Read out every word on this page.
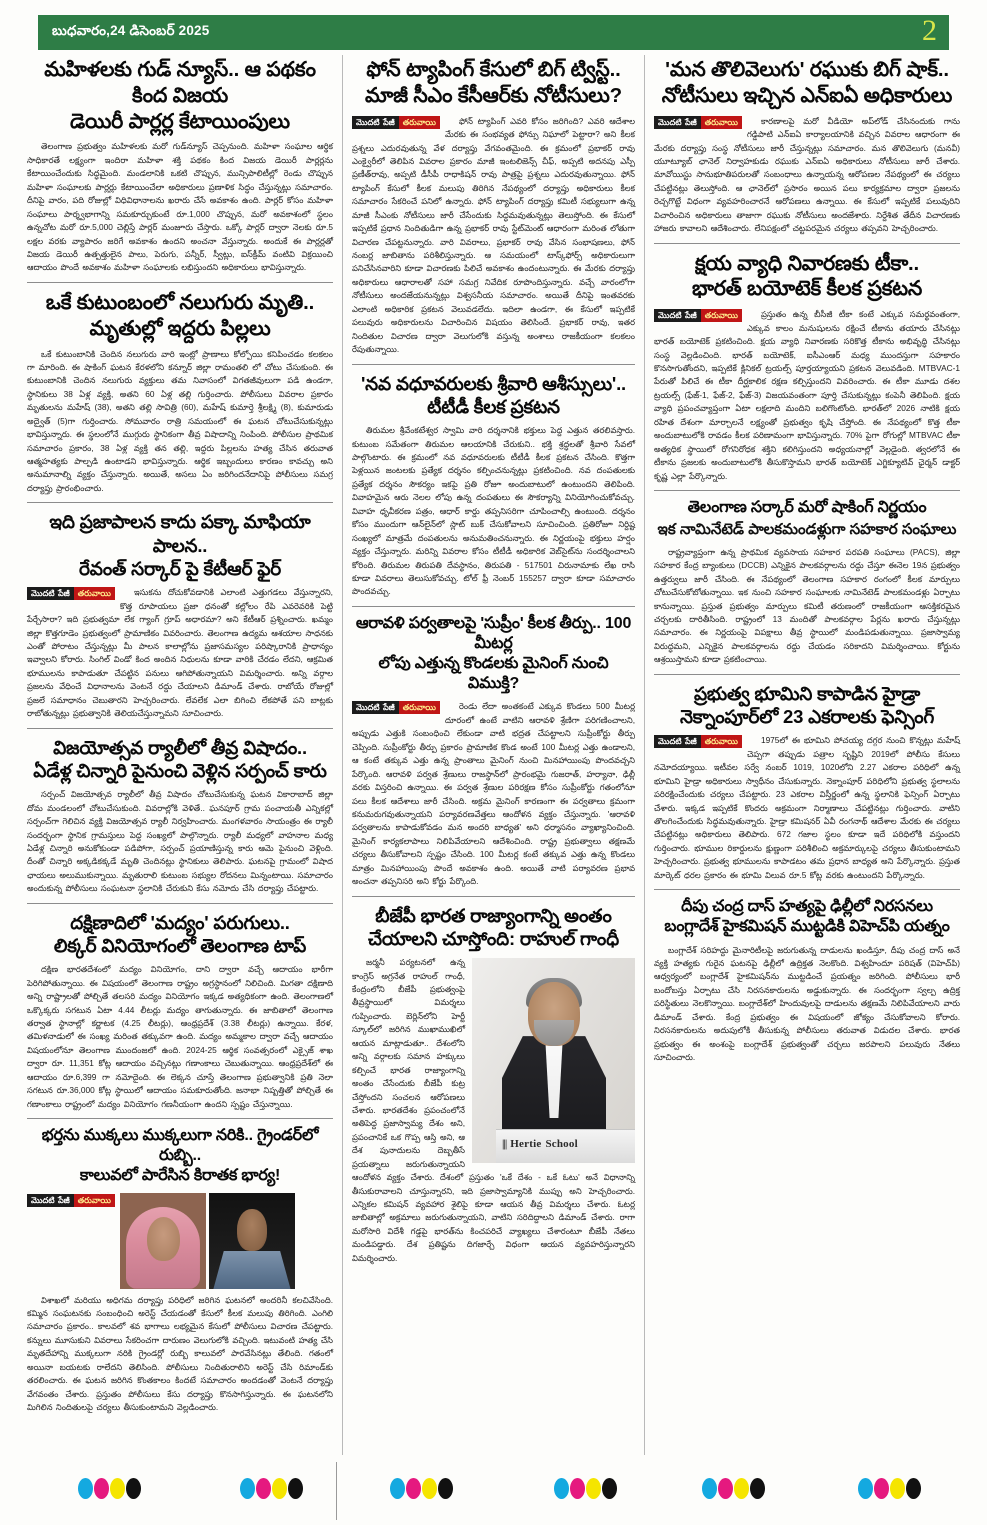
బుధవారం,24 డిసెంబర్ 2025	2
మహిళలకు గుడ్ న్యూస్.. ఆ పథకం కింద విజయ
డెయిరీ పార్లర్ల కేటాయింపులు

తెలంగాణ ప్రభుత్వం మహిళలకు మరో గుడ్‌న్యూస్ చెప్పనుంది. మహిళా సంఘాల ఆర్థిక సాధికారతే లక్ష్యంగా ఇందిరా మహిళా శక్తి పథకం కింద విజయ డెయిరీ పార్లర్లను కేటాయించేందుకు సిద్ధమైంది. మండలానికి ఒకటి చొప్పున, మున్సిపాలిటీల్లో రెండు చొప్పున మహిళా సంఘాలకు పార్లర్లు కేటాయించేలా అధికారులు ప్రణాళిక సిద్ధం చేస్తున్నట్లు సమాచారం. దీనిపై వారం, పది రోజుల్లో విధివిధానాలను ఖరారు చేసే అవకాశం ఉంది. పార్లర్ కోసం మహిళా సంఘాలు పార్శ్వభాగాన్ని సమకూర్చుకుంటే రూ.1,000 చొప్పున, మరో అవకాశంలో స్థలం ఉన్నచోట మరో రూ.5,000 చెల్లిస్తే పార్లర్ మంజూరు చేస్తారు. ఒక్కో పార్లర్ ద్వారా నెలకు రూ.5 లక్షల వరకు వ్యాపారం జరిగే అవకాశం ఉందని అంచనా వేస్తున్నారు. అందుకే ఈ పార్లర్లతో విజయ డెయిరీ ఉత్పత్తులైన పాలు, పెరుగు, పన్నీర్, స్వీట్లు, ఐస్‌క్రీమ్ వంటివి విక్రయించి ఆదాయం పొందే అవకాశం మహిళా సంఘాలకు లభిస్తుందని అధికారులు భావిస్తున్నారు.

ఒకే కుటుంబంలో నలుగురు మృతి..
మృతుల్లో ఇద్దరు పిల్లలు

ఒకే కుటుంబానికి చెందిన నలుగురు వారి ఇంట్లో ప్రాణాలు కోల్పోయి కనిపించడం కలకలం గా మారింది. ఈ షాకింగ్ ఘటన కేరళలోని కన్నూర్ జిల్లా రామంతలి లో చోటు చేసుకుంది. ఈ కుటుంబానికి చెందిన నలుగురు వ్యక్తులు తమ నివాసంలో విగతజీవులుగా పడి ఉండగా, స్థానికులు 38 ఏళ్ల వ్యక్తి, అతని 60 ఏళ్ల తల్లి గుర్తించారు. పోలీసులు వివరాల ప్రకారం మృతులను మహేష్ (38), అతని తల్లి సావిత్రి (60), మహేష్ కుమార్తె శ్రీలక్ష్మి (8), కుమారుడు అద్వైత్ (5)గా గుర్తించారు. సోమవారం రాత్రి సమయంలో ఈ ఘటన చోటుచేసుకున్నట్లు భావిస్తున్నారు. ఈ స్థలంలోనే ముగ్గురు స్థానికంగా తీవ్ర విషాదాన్ని నింపింది. పోలీసుల ప్రాథమిక సమాచారం ప్రకారం, 38 ఏళ్ల వ్యక్తి తన తల్లి, ఇద్దరు పిల్లలను హత్య చేసిన తరువాత ఆత్మహత్యకు పాల్పడి ఉంటాడని భావిస్తున్నారు. ఆర్థిక ఇబ్బందులు కారణం కావచ్చు అని అనుమానాల్ని వ్యక్తం చేస్తున్నారు. అయితే, అసలు ఏం జరిగిందనేదానిపై పోలీసులు సమగ్ర దర్యాప్తు ప్రారంభించారు.

ఇది ప్రజాపాలన కాదు పక్కా మాఫియా పాలన..
రేవంత్ సర్కార్ పై కేటీఆర్ ఫైర్
మొదటి పేజీ తరువాయి	ఇసుకను దోచుకోవడానికి ఎలాంటి ఎత్తుగడలు వేస్తున్నారని, కొత్త రూపాయలు ప్రజా ధనంతో కల్లోలం రేపి ఎవరెవరికి పెట్టి పేర్చేసారా? ఇది ప్రభుత్వమా లేక గ్యాంగ్ గ్రూప్ అధారమా? అని కేటీఆర్ ప్రశ్నించారు. ఖమ్మం జిల్లా కొత్తగూడెం ప్రభుత్వంలో ప్రామాణికం వివరించారు. తెలంగాణ ఉద్యమ ఆశయాల సాధనకు ఎంతో పోరాటం చేస్తున్నట్లు మీ పాలన కాలాల్లోను ప్రజాసమస్యల పరిష్కారానికి ప్రాధాన్యం ఇవ్వాలని కోరారు. సింగిల్ విండో కింద అందిన నిధులను కూడా వారికి చేరడం లేదని, ఆక్రమిత భూములను కాపాడుతూ చేపట్టిన పనులు ఆగిపోతున్నాయని విమర్శించారు. అన్ని వర్గాల ప్రజలను వేధించే విధానాలను వెంటనే రద్దు చేయాలని డిమాండ్ చేశారు. రాబోయే రోజుల్లో ప్రజలే సమాధానం చెబుతారని హెచ్చరించారు. లేవలేక ఎలా బిగించి లేకపోతే పని బాట్లకు రాబోతున్నట్లు ప్రభుత్వానికి తెలియచేస్తున్నామని సూచించారు.

విజయోత్సవ ర్యాలీలో తీవ్ర విషాదం..
ఏడేళ్ల చిన్నారి పైనుంచి వెళ్లిన సర్పంచ్ కారు

సర్పంచ్ విజయోత్సవ ర్యాలీలో తీవ్ర విషాదం చోటుచేసుకున్న ఘటన వికారాబాద్ జిల్లా దోమ మండలంలో చోటుచేసుకుంది. వివరాల్లోకి వెళితే.. ఘనపూర్ గ్రామ పంచాయతీ ఎన్నికల్లో సర్పంచ్‌గా గెలిచిన వ్యక్తి విజయోత్సవ ర్యాలీ నిర్వహించారు. మంగళవారం సాయంత్రం ఈ ర్యాలీ సందర్భంగా స్థానిక గ్రామస్తులు పెద్ద సంఖ్యలో పాల్గొన్నారు. ర్యాలీ మధ్యలో వాహనాల మధ్య ఏడేళ్ల చిన్నారి అనుకోకుండా పడిపోగా, సర్పంచ్ ప్రయాణిస్తున్న కారు ఆమె పైనుంచి వెళ్లింది. దీంతో చిన్నారి అక్కడికక్కడే మృతి చెందినట్లు స్థానికులు తెలిపారు. ఘటనపై గ్రామంలో విషాద ఛాయలు అలుముకున్నాయి. మృతురాలి కుటుంబ సభ్యుల రోదనలు మిన్నంటాయి. సమాచారం అందుకున్న పోలీసులు సంఘటనా స్థలానికి చేరుకుని కేసు నమోదు చేసి దర్యాప్తు చేపట్టారు.

దక్షిణాదిలో 'మద్యం' పరుగులు..
లిక్కర్ వినియోగంలో తెలంగాణ టాప్

దక్షిణ భారతదేశంలో మద్యం వినియోగం, దాని ద్వారా వచ్చే ఆదాయం భారీగా పెరిగిపోతున్నాయి. ఈ విషయంలో తెలంగాణ రాష్ట్రం అగ్రస్థానంలో నిలిచింది. మిగతా దక్షిణాది అన్ని రాష్ట్రాలతో పోల్చితే తలసరి మద్యం వినియోగం ఇక్కడ అత్యధికంగా ఉంది. తెలంగాణలో ఒక్కొక్కరు సగటున ఏటా 4.44 లీటర్లు మద్యం తాగుతున్నారు. ఈ జాబితాలో తెలంగాణ తర్వాత స్థానాల్లో కర్ణాటక (4.25 లీటర్లు), ఆంధ్రప్రదేశ్ (3.38 లీటర్లు) ఉన్నాయి. కేరళ, తమిళనాడులో ఈ సంఖ్య మరింత తక్కువగా ఉంది. మద్యం అమ్మకాల ద్వారా వచ్చే ఆదాయం విషయంలోనూ తెలంగాణ ముందంజలో ఉంది. 2024-25 ఆర్థిక సంవత్సరంలో ఎక్సైజ్ శాఖ ద్వారా రూ. 11,351 కోట్ల ఆదాయం వచ్చినట్లు గణాంకాలు చెబుతున్నాయి. ఆంధ్రప్రదేశ్‌లో ఈ ఆదాయం రూ.6,399 గా నమోదైంది. ఈ లెక్కన చూస్తే తెలంగాణ ప్రభుత్వానికి ప్రతి నెలా సగటున రూ.36,000 కోట్ల స్థాయిలో ఆదాయం సమకూరుతోంది. జనాభా నిష్పత్తితో పోల్చితే ఈ గణాంకాలు రాష్ట్రంలో మద్యం వినియోగం గణనీయంగా ఉందని స్పష్టం చేస్తున్నాయి.

భర్తను ముక్కలు ముక్కలుగా నరికి.. గ్రైండర్‌లో రుబ్బి..
కాలువలో పారేసిన కిరాతక భార్య!
మొదటి పేజీ తరువాయి

విశాఖలో మరియు అధిగమ దర్యాప్తు పరిధిలో జరిగిన ఘటనలో అందరినీ కలచివేసింది. కమ్మిన సంఘటనకు సంబంధించి అరెస్ట్ చేయడంతో కేసులో కీలక మలుపు తిరిగింది. ఎంగిలి సమాచారం ప్రకారం.. కాలవలో శవ భాగాలు లభ్యమైన కేసులో పోలీసులు విచారణ చేపట్టారు. కన్నులు మూసుకుని వివరాలు సేకరించగా దారుణం వెలుగులోకి వచ్చింది. ఇటువంటి హత్య చేసి మృతదేహాన్ని ముక్కలుగా నరికి గ్రైండర్లో రుబ్బి కాలువలో పారవేసినట్లు తేలింది. గతంలో అయినా బయటకు రాలేదని తెలిసింది. పోలీసులు నిందితురాలిని అరెస్ట్ చేసి రిమాండ్‌కు తరలించారు. ఈ ఘటన జరిగిన కొంతకాలం కిందటే సమాచారం అందడంతో వెంటనే దర్యాప్తు వేగవంతం చేశారు. ప్రస్తుతం పోలీసులు కేసు దర్యాప్తు కొనసాగిస్తున్నారు. ఈ ఘటనలోని మిగిలిన నిందితులపై చర్యలు తీసుకుంటామని వెల్లడించారు.

ఫోన్ ట్యాపింగ్ కేసులో బిగ్ ట్విస్ట్..
మాజీ సీఎం కేసీఆర్‌కు నోటీసులు?
మొదటి పేజీ తరువాయి	ఫోన్ ట్యాపింగ్ ఎవరి కోసం జరిగింది? ఎవరి ఆదేశాల మేరకు ఈ సంభవ్యత ఫోన్సు నిఘాలో పెట్టారా? అని కీలక ప్రశ్నలు ఎదురవుతున్న వేళ దర్యాప్తు వేగవంతమైంది. ఈ క్రమంలో ప్రభాకర్ రావు ఎంక్వైరీలో తెలిపిన వివరాల ప్రకారం మాజీ ఇంటలిజెన్స్ చీఫ్, అప్పటి అదనపు ఎస్పీ ప్రణీత్‌రావు, అప్పటి డీసీపీ రాధాకిషన్ రావు పాత్రపై ప్రశ్నలు ఎదురవుతున్నాయి. ఫోన్ ట్యాపింగ్ కేసులో కీలక మలుపు తిరిగిన నేపథ్యంలో దర్యాప్తు అధికారులు కీలక సమాచారం సేకరించే పనిలో ఉన్నారు. ఫోన్ ట్యాపింగ్ దర్యాప్తు కమిటీ సభ్యులుగా ఉన్న మాజీ సీఎంకు నోటీసులు జారీ చేసేందుకు సిద్ధమవుతున్నట్లు తెలుస్తోంది. ఈ కేసులో ఇప్పటికే ప్రధాన నిందితుడిగా ఉన్న ప్రభాకర్ రావు స్టేట్‌మెంట్ ఆధారంగా మరింత లోతుగా విచారణ చేపట్టనున్నారు. వారి వివరాలు, ప్రభాకర్ రావు వేసిన సంభాషణలు, ఫోన్ నంబర్ల జాబితాను పరిశీలిస్తున్నారు. ఆ సమయంలో టాస్క్‌ఫోర్స్ అధికారులుగా పనిచేసినవారిని కూడా విచారణకు పిలిచే అవకాశం ఉందంటున్నారు. ఈ మేరకు దర్యాప్తు అధికారులు ఆధారాలతో సహా సమగ్ర నివేదిక రూపొందిస్తున్నారు. వచ్చే వారంలోగా నోటీసులు అందజేయనున్నట్లు విశ్వసనీయ సమాచారం. అయితే దీనిపై ఇంతవరకు ఎలాంటి అధికారిక ప్రకటన వెలువడలేదు. ఇదిలా ఉండగా, ఈ కేసులో ఇప్పటికే పలువురు అధికారులను విచారించిన విషయం తెలిసిందే. ప్రభాకర్ రావు, ఇతర నిందితుల విచారణ ద్వారా వెలుగులోకి వస్తున్న అంశాలు రాజకీయంగా కలకలం రేపుతున్నాయి.

'నవ వధూవరులకు శ్రీవారి ఆశీస్సులు'..
టీటీడీ కీలక ప్రకటన

తిరుమల శ్రీవేంకటేశ్వర స్వామి వారి దర్శనానికి భక్తులు పెద్ద ఎత్తున తరలివస్తారు. కుటుంబ సమేతంగా తిరుమల ఆలయానికి చేరుకుని.. భక్తి శ్రద్ధలతో శ్రీవారి సేవలో పాల్గొంటారు. ఈ క్రమంలో నవ వధూవరులకు టీటీడీ కీలక ప్రకటన చేసింది. కొత్తగా పెళ్లయిన జంటలకు ప్రత్యేక దర్శనం కల్పించనున్నట్లు ప్రకటించింది. నవ దంపతులకు ప్రత్యేక దర్శనం సౌకర్యం ఇకపై ప్రతి రోజూ అందుబాటులో ఉంటుందని తెలిపింది. వివాహమైన ఆరు నెలల లోపు ఉన్న దంపతులు ఈ సౌకర్యాన్ని వినియోగించుకోవచ్చు. వివాహ ధృవీకరణ పత్రం, ఆధార్ కార్డు తప్పనిసరిగా చూపించాల్సి ఉంటుంది. దర్శనం కోసం ముందుగా ఆన్‌లైన్‌లో స్లాట్ బుక్ చేసుకోవాలని సూచించింది. ప్రతిరోజూ నిర్దిష్ట సంఖ్యలో మాత్రమే దంపతులను అనుమతించనున్నారు. ఈ నిర్ణయంపై భక్తులు హర్షం వ్యక్తం చేస్తున్నారు. మరిన్ని వివరాల కోసం టీటీడీ అధికారిక వెబ్‌సైట్‌ను సందర్శించాలని కోరింది. తిరుమల తిరుపతి దేవస్థానం, తిరుపతి - 517501 చిరునామాకు లేఖ రాసి కూడా వివరాలు తెలుసుకోవచ్చు. టోల్ ఫ్రీ నెంబర్ 155257 ద్వారా కూడా సమాచారం పొందవచ్చు.

ఆరావళి పర్వతాలపై 'సుప్రీం' కీలక తీర్పు.. 100 మీటర్ల
లోపు ఎత్తున్న కొండలకు మైనింగ్ నుంచి విముక్తి?
మొదటి పేజీ తరువాయి	రెండు లేదా అంతకంటే ఎక్కువ కొండలు 500 మీటర్ల దూరంలో ఉంటే వాటిని ఆరావళి శ్రేణిగా పరిగణించాలని, అప్పుడు ఎత్తుకి సంబంధించి లేకుండా వాటి భద్రత చేపట్టాలని సుప్రీంకోర్టు తీర్పు చెప్పింది. సుప్రీంకోర్టు తీర్పు ప్రకారం ప్రామాణిక కొండ అంటే 100 మీటర్ల ఎత్తు ఉండాలని, ఆ కంటే తక్కువ ఎత్తు ఉన్న ప్రాంతాలు మైనింగ్ నుంచి మినహాయింపు పొందవచ్చని పేర్కొంది. ఆరావళి పర్వత శ్రేణులు రాజస్థాన్‌లో ప్రారంభమై గుజరాత్, హర్యానా, ఢిల్లీ వరకు విస్తరించి ఉన్నాయి. ఈ పర్వత శ్రేణుల పరిరక్షణ కోసం సుప్రీంకోర్టు గతంలోనూ పలు కీలక ఆదేశాలు జారీ చేసింది. అక్రమ మైనింగ్ కారణంగా ఈ పర్వతాలు క్రమంగా కనుమరుగవుతున్నాయని పర్యావరణవేత్తలు ఆందోళన వ్యక్తం చేస్తున్నారు. 'ఆరావళి పర్వతాలను కాపాడుకోవడం మన అందరి బాధ్యత' అని ధర్మాసనం వ్యాఖ్యానించింది. మైనింగ్ కార్యకలాపాలు నిలిపివేయాలని ఆదేశించింది. రాష్ట్ర ప్రభుత్వాలు తక్షణమే చర్యలు తీసుకోవాలని స్పష్టం చేసింది. 100 మీటర్ల కంటే తక్కువ ఎత్తు ఉన్న కొండలు మాత్రం మినహాయింపు పొందే అవకాశం ఉంది. అయితే వాటి పర్యావరణ ప్రభావ అంచనా తప్పనిసరి అని కోర్టు పేర్కొంది.

బీజేపీ భారత రాజ్యాంగాన్ని అంతం
చేయాలని చూస్తోంది: రాహుల్ గాంధీ
||| Hertie School

జర్మనీ పర్యటనలో ఉన్న కాంగ్రెస్ అగ్రనేత రాహుల్ గాంధీ, కేంద్రంలోని బీజేపీ ప్రభుత్వంపై తీవ్రస్థాయిలో విమర్శలు గుప్పించారు. బెర్లిన్‌లోని హెర్టీ స్కూల్‌లో జరిగిన ముఖాముఖిలో ఆయన మాట్లాడుతూ.. దేశంలోని అన్ని వర్గాలకు సమాన హక్కులు కల్పించే భారత రాజ్యాంగాన్ని అంతం చేసేందుకు బీజేపీ కుట్ర చేస్తోందని సంచలన ఆరోపణలు చేశారు. భారతదేశం ప్రపంచంలోనే అతిపెద్ద ప్రజాస్వామ్య దేశం అని, ప్రపంచానికే ఒక గొప్ప ఆస్తి అని, ఆ దేశ పునాదులను దెబ్బతీసే ప్రయత్నాలు జరుగుతున్నాయని ఆందోళన వ్యక్తం చేశారు. దేశంలో ప్రస్తుతం 'ఒకే దేశం - ఒకే ఓటు' అనే విధానాన్ని తీసుకురావాలని చూస్తున్నారని, ఇది ప్రజాస్వామ్యానికి ముప్పు అని హెచ్చరించారు. ఎన్నికల కమిషన్ వ్యవహార శైలిపై కూడా ఆయన తీవ్ర విమర్శలు చేశారు. ఓటర్ల జాబితాల్లో అక్రమాలు జరుగుతున్నాయని, వాటిని సరిదిద్దాలని డిమాండ్ చేశారు. రాగా మరోసారి విదేశీ గడ్డపై భారత్‌ను కించపరిచే వ్యాఖ్యలు చేశారంటూ బీజేపీ నేతలు మండిపడ్డారు. దేశ ప్రతిష్టను దిగజార్చే విధంగా ఆయన వ్యవహరిస్తున్నారని విమర్శించారు.

'మన తొలివెలుగు' రఘుకు బిగ్ షాక్..
నోటీసులు ఇచ్చిన ఎన్ఐఏ అధికారులు
మొదటి పేజీ తరువాయి	కారణాలపై మరో వీడియో అప్‌లోడ్ చేసినందుకు గాను గడ్డిపాటి ఎన్‌ఐఏ కార్యాలయానికి వచ్చిన వివరాల ఆధారంగా ఈ మేరకు దర్యాప్తు సంస్థ నోటీసులు జారీ చేస్తున్నట్లు సమాచారం. మన తొలివెలుగు (మనవీ) యూట్యూబ్ ఛానెల్ నిర్వాహకుడు రఘుకు ఎన్‌ఐఏ అధికారులు నోటీసులు జారీ చేశారు. మావోయిస్టు సానుభూతిపరులతో సంబంధాలు ఉన్నాయన్న ఆరోపణల నేపథ్యంలో ఈ చర్యలు చేపట్టినట్లు తెలుస్తోంది. ఆ ఛానెల్‌లో ప్రసారం అయిన పలు కార్యక్రమాల ద్వారా ప్రజలను రెచ్చగొట్టే విధంగా వ్యవహరించారనే ఆరోపణలు ఉన్నాయి. ఈ కేసులో ఇప్పటికే పలువురిని విచారించిన అధికారులు తాజాగా రఘుకు నోటీసులు అందజేశారు. నిర్దేశిత తేదీన విచారణకు హాజరు కావాలని ఆదేశించారు. లేనిపక్షంలో చట్టపరమైన చర్యలు తప్పవని హెచ్చరించారు.

క్షయ వ్యాధి నివారణకు టీకా..
భారత్ బయోటెక్ కీలక ప్రకటన
మొదటి పేజీ తరువాయి	ప్రస్తుతం ఉన్న బీసీజీ టీకా కంటే ఎక్కువ సమర్థవంతంగా, ఎక్కువ కాలం మనుషులను రక్షించే టీకాను తయారు చేసినట్లు భారత్ బయోటెక్ ప్రకటించింది. క్షయ వ్యాధి నివారణకు సరికొత్త టీకాను అభివృద్ధి చేసినట్లు సంస్థ వెల్లడించింది. భారత్ బయోటెక్, ఐసీఎంఆర్ మధ్య ముందస్తుగా సహకారం కొనసాగుతోందని, ఇప్పటికే క్లినికల్ ట్రయల్స్ పూర్తయ్యాయని ప్రకటన వెలువడింది. MTBVAC-1 పేరుతో పిలిచే ఈ టీకా దీర్ఘకాలిక రక్షణ కల్పిస్తుందని వివరించారు. ఈ టీకా మూడు దశల ట్రయల్స్ (ఫేజ్-1, ఫేజ్-2, ఫేజ్-3) విజయవంతంగా పూర్తి చేసుకున్నట్లు కంపెనీ తెలిపింది. క్షయ వ్యాధి ప్రపంచవ్యాప్తంగా ఏటా లక్షలాది మందిని బలిగొంటోంది. భారత్‌లో 2026 నాటికి క్షయ రహిత దేశంగా మార్చాలనే లక్ష్యంతో ప్రభుత్వం కృషి చేస్తోంది. ఈ నేపథ్యంలో కొత్త టీకా అందుబాటులోకి రావడం కీలక పరిణామంగా భావిస్తున్నారు. 70% పైగా రోగుల్లో MTBVAC టీకా అత్యధిక స్థాయిలో రోగనిరోధక శక్తిని కలిగిస్తుందని అధ్యయనాల్లో వెల్లడైంది. త్వరలోనే ఈ టీకాను ప్రజలకు అందుబాటులోకి తీసుకొస్తామని భారత్ బయోటెక్ ఎగ్జిక్యూటివ్ ఛైర్మన్ డాక్టర్ కృష్ణ ఎల్లా పేర్కొన్నారు.

తెలంగాణ సర్కార్ మరో షాకింగ్ నిర్ణయం
ఇక నామినేటెడ్ పాలకమండళ్లుగా సహకార సంఘాలు

రాష్ట్రవ్యాప్తంగా ఉన్న ప్రాథమిక వ్యవసాయ సహకార పరపతి సంఘాలు (PACS), జిల్లా సహకార కేంద్ర బ్యాంకులు (DCCB) ఎన్నికైన పాలకవర్గాలను రద్దు చేస్తూ ఈనెల 19న ప్రభుత్వం ఉత్తర్వులు జారీ చేసింది. ఈ నేపథ్యంలో తెలంగాణ సహకార రంగంలో కీలక మార్పులు చోటుచేసుకోబోతున్నాయి. ఇక నుంచి సహకార సంఘాలకు నామినేటెడ్ పాలకమండళ్లు ఏర్పాటు కానున్నాయి. ప్రస్తుత ప్రభుత్వం మార్పులు కమిటీ తరుణంలో రాజకీయంగా ఆసక్తికరమైన చర్చలకు దారితీసింది. రాష్ట్రంలో 13 మందితో పాలకవర్గాల పేర్లను ఖరారు చేస్తున్నట్లు సమాచారం. ఈ నిర్ణయంపై విపక్షాలు తీవ్ర స్థాయిలో మండిపడుతున్నాయి. ప్రజాస్వామ్య విరుద్ధమని, ఎన్నికైన పాలకవర్గాలను రద్దు చేయడం సరికాదని విమర్శించాయి. కోర్టును ఆశ్రయిస్తామని కూడా ప్రకటించాయి.

ప్రభుత్వ భూమిని కాపాడిన హైడ్రా
నెక్నాంపూర్‌లో 23 ఎకరాలకు ఫెన్సింగ్
మొదటి పేజీ తరువాయి	1975లో ఈ భూమిని పోచయ్య దగ్గర నుంచి కొన్నట్లు మహేష్ చెప్పగా తప్పుడు పత్రాల సృష్టిని 2019లో పోలీసు కేసులు నమోదయ్యాయి. ఇటీవల సర్వే నంబర్ 1019, 1020లోని 2.27 ఎకరాల పరిధిలో ఉన్న భూమిని హైడ్రా అధికారులు స్వాధీనం చేసుకున్నారు. నెక్నాంపూర్ పరిధిలోని ప్రభుత్వ స్థలాలను పరిరక్షించేందుకు చర్యలు చేపట్టారు. 23 ఎకరాల విస్తీర్ణంలో ఉన్న స్థలానికి ఫెన్సింగ్ ఏర్పాటు చేశారు. ఇక్కడ ఇప్పటికే కొందరు అక్రమంగా నిర్మాణాలు చేపట్టినట్లు గుర్తించారు. వాటిని తొలగించేందుకు సిద్ధమవుతున్నారు. హైడ్రా కమిషనర్ ఏవీ రంగనాథ్ ఆదేశాల మేరకు ఈ చర్యలు చేపట్టినట్లు అధికారులు తెలిపారు. 672 గజాల స్థలం కూడా ఇదే పరిధిలోకి వస్తుందని గుర్తించారు. భూముల రికార్డులను క్షుణ్ణంగా పరిశీలించి అక్రమార్కులపై చర్యలు తీసుకుంటామని హెచ్చరించారు. ప్రభుత్వ భూములను కాపాడటం తమ ప్రధాన బాధ్యత అని పేర్కొన్నారు. ప్రస్తుత మార్కెట్ ధరల ప్రకారం ఈ భూమి విలువ రూ.5 కోట్ల వరకు ఉంటుందని పేర్కొన్నారు.

దీపు చంద్ర దాస్ హత్యపై ఢిల్లీలో నిరసనలు
బంగ్లాదేశ్ హైకమిషన్ ముట్టడికి విహెచ్‌పి యత్నం

బంగ్లాదేశ్ సరిహద్దు మైనారిటీలపై జరుగుతున్న దాడులను ఖండిస్తూ, దీపు చంద్ర దాస్ అనే వ్యక్తి హత్యకు గురైన ఘటనపై ఢిల్లీలో ఉద్రిక్తత నెలకొంది. విశ్వహిందూ పరిషత్ (విహెచ్‌పి) ఆధ్వర్యంలో బంగ్లాదేశ్ హైకమిషన్‌ను ముట్టడించే ప్రయత్నం జరిగింది. పోలీసులు భారీ బందోబస్తు ఏర్పాటు చేసి నిరసనకారులను అడ్డుకున్నారు. ఈ సందర్భంగా స్వల్ప ఉద్రిక్త పరిస్థితులు నెలకొన్నాయి. బంగ్లాదేశ్‌లో హిందువులపై దాడులను తక్షణమే నిలిపివేయాలని వారు డిమాండ్ చేశారు. కేంద్ర ప్రభుత్వం ఈ విషయంలో జోక్యం చేసుకోవాలని కోరారు. నిరసనకారులను అదుపులోకి తీసుకున్న పోలీసులు తరువాత విడుదల చేశారు. భారత ప్రభుత్వం ఈ అంశంపై బంగ్లాదేశ్ ప్రభుత్వంతో చర్చలు జరపాలని పలువురు నేతలు సూచించారు.
